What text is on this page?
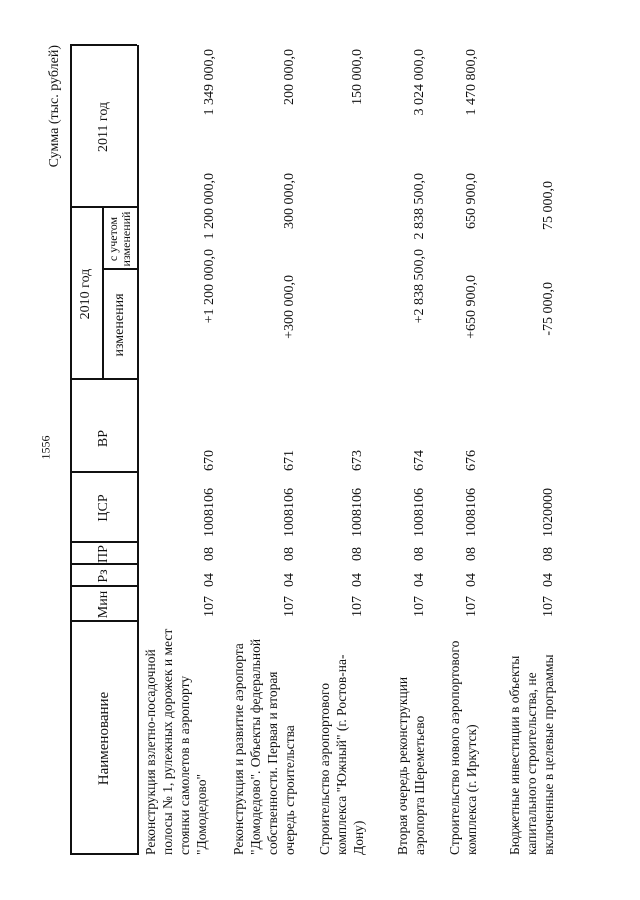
1556
Сумма (тыс. рублей)
Наименование
Мин
Рз
ПР
ЦСР
ВР
2010 год	изменения
с учетом изменений
2011 год
Реконструкция взлетно-посадочной полосы № 1, рулежных дорожек и мест стоянки самолетов в аэропорту "Домодедово"
107
04
08
1008106
670
+1 200 000,0
1 200 000,0
1 349 000,0
Реконструкция и развитие аэропорта "Домодедово". Объекты федеральной собственности. Первая и вторая очередь строительства
107
04
08
1008106
671
+300 000,0
300 000,0
200 000,0
Строительство аэропортового комплекса "Южный" (г. Ростов-на-Дону)
107
04
08
1008106
673
150 000,0
Вторая очередь реконструкции аэропорта Шереметьево
107
04
08
1008106
674
+2 838 500,0
2 838 500,0
3 024 000,0
Строительство нового аэропортового комплекса (г. Иркутск)
107
04
08
1008106
676
+650 900,0
650 900,0
1 470 800,0
Бюджетные инвестиции в объекты капитального строительства, не включенные в целевые программы
107
04
08
1020000
-75 000,0
75 000,0
